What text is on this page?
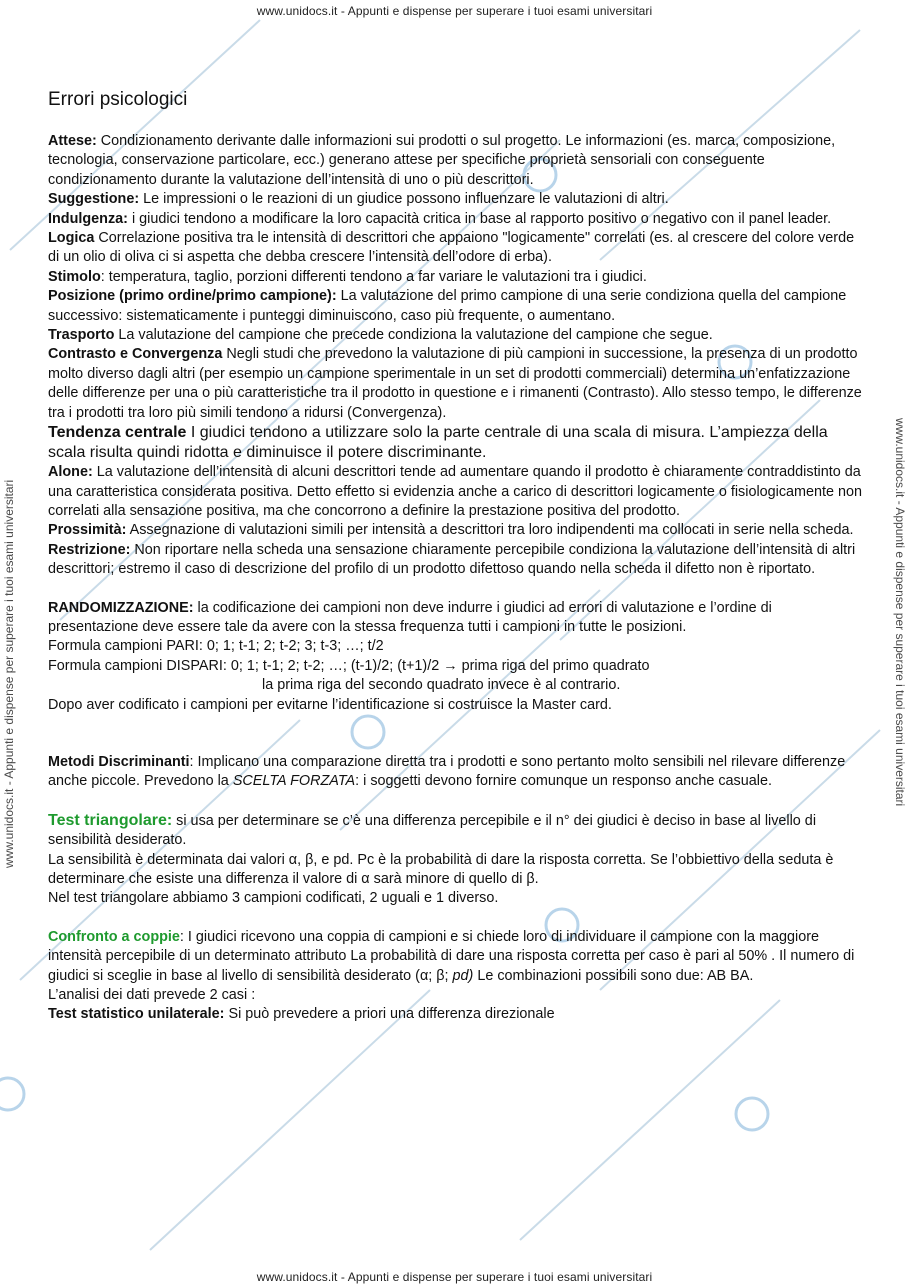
www.unidocs.it - Appunti e dispense per superare i tuoi esami universitari
www.unidocs.it - Appunti e dispense per superare i tuoi esami universitari
www.unidocs.it - Appunti e dispense per superare i tuoi esami universitari	www.unidocs.it - Appunti e dispense per superare i tuoi esami universitari

Errori psicologici

Attese: Condizionamento derivante dalle informazioni sui prodotti o sul progetto. Le informazioni (es. marca, composizione, tecnologia, conservazione particolare, ecc.) generano attese per specifiche proprietà sensoriali con conseguente condizionamento durante la valutazione dell’intensità di uno o più descrittori.

Suggestione: Le impressioni o le reazioni di un giudice possono influenzare le valutazioni di altri.

Indulgenza: i giudici tendono a modificare la loro capacità critica in base al rapporto positivo o negativo con il panel leader.

Logica Correlazione positiva tra le intensità di descrittori che appaiono "logicamente" correlati (es. al crescere del colore verde di un olio di oliva ci si aspetta che debba crescere l’intensità dell’odore di erba).

Stimolo: temperatura, taglio, porzioni differenti tendono a far variare le valutazioni tra i giudici.

Posizione (primo ordine/primo campione): La valutazione del primo campione di una serie condiziona quella del campione successivo: sistematicamente i punteggi diminuiscono, caso più frequente, o aumentano.

Trasporto La valutazione del campione che precede condiziona la valutazione del campione che segue.

Contrasto e Convergenza Negli studi che prevedono la valutazione di più campioni in successione, la presenza di un prodotto molto diverso dagli altri (per esempio un campione sperimentale in un set di prodotti commerciali) determina un’enfatizzazione delle differenze per una o più caratteristiche tra il prodotto in questione e i rimanenti (Contrasto). Allo stesso tempo, le differenze tra i prodotti tra loro più simili tendono a ridursi (Convergenza).

Tendenza centrale I giudici tendono a utilizzare solo la parte centrale di una scala di misura. L’ampiezza della scala risulta quindi ridotta e diminuisce il potere discriminante.

Alone: La valutazione dell’intensità di alcuni descrittori tende ad aumentare quando il prodotto è chiaramente contraddistinto da una caratteristica considerata positiva. Detto effetto si evidenzia anche a carico di descrittori logicamente o fisiologicamente non correlati alla sensazione positiva, ma che concorrono a definire la prestazione positiva del prodotto.

Prossimità: Assegnazione di valutazioni simili per intensità a descrittori tra loro indipendenti ma collocati in serie nella scheda.

Restrizione: Non riportare nella scheda una sensazione chiaramente percepibile condiziona la valutazione dell’intensità di altri descrittori; estremo il caso di descrizione del profilo di un prodotto difettoso quando nella scheda il difetto non è riportato.

RANDOMIZZAZIONE: la codificazione dei campioni non deve indurre i giudici ad errori di valutazione e l’ordine di presentazione deve essere tale da avere con la stessa frequenza tutti i campioni in tutte le posizioni.

Formula campioni PARI: 0; 1; t-1; 2; t-2; 3; t-3; …; t/2

Formula campioni DISPARI: 0; 1; t-1; 2; t-2; …; (t-1)/2; (t+1)/2 → prima riga del primo quadrato

la prima riga del secondo quadrato invece è al contrario.

Dopo aver codificato i campioni per evitarne l’identificazione si costruisce la Master card.

Metodi Discriminanti: Implicano una comparazione diretta tra i prodotti e sono pertanto molto sensibili nel rilevare differenze anche piccole. Prevedono la SCELTA FORZATA: i soggetti devono fornire comunque un responso anche casuale.

Test triangolare: si usa per determinare se c’è una differenza percepibile e il n° dei giudici è deciso in base al livello di sensibilità desiderato.

La sensibilità è determinata dai valori α, β, e pd. Pc è la probabilità di dare la risposta corretta. Se l’obbiettivo della seduta è determinare che esiste una differenza il valore di α sarà minore di quello di β.

Nel test triangolare abbiamo 3 campioni codificati, 2 uguali e 1 diverso.

Confronto a coppie: I giudici ricevono una coppia di campioni e si chiede loro di individuare il campione con la maggiore intensità percepibile di un determinato attributo La probabilità di dare una risposta corretta per caso è pari al 50% . Il numero di giudici si sceglie in base al livello di sensibilità desiderato (α; β; pd) Le combinazioni possibili sono due: AB BA.

L’analisi dei dati prevede 2 casi :

Test statistico unilaterale: Si può prevedere a priori una differenza direzionale
